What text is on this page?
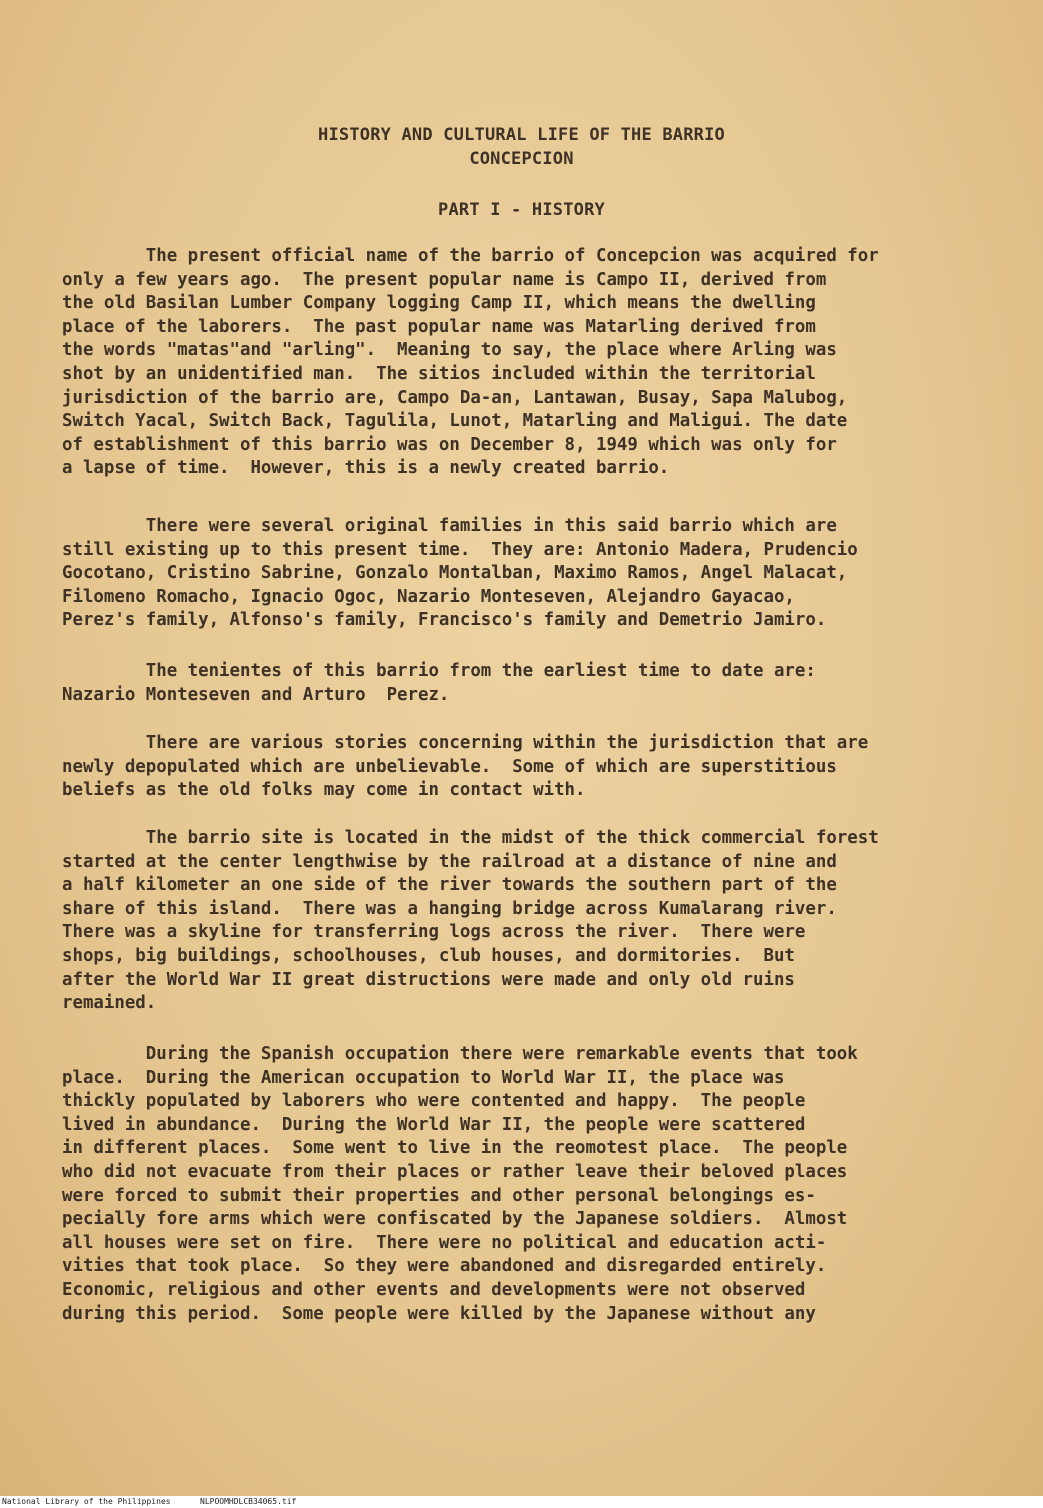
HISTORY AND CULTURAL LIFE OF THE BARRIO
CONCEPCION
PART I - HISTORY
The present official name of the barrio of Concepcion was acquired for
only a few years ago.  The present popular name is Campo II, derived from
the old Basilan Lumber Company logging Camp II, which means the dwelling
place of the laborers.  The past popular name was Matarling derived from
the words "matas"and "arling".  Meaning to say, the place where Arling was
shot by an unidentified man.  The sitios included within the territorial
jurisdiction of the barrio are, Campo Da-an, Lantawan, Busay, Sapa Malubog,
Switch Yacal, Switch Back, Tagulila, Lunot, Matarling and Maligui. The date
of establishment of this barrio was on December 8, 1949 which was only for
a lapse of time.  However, this is a newly created barrio.
There were several original families in this said barrio which are
still existing up to this present time.  They are: Antonio Madera, Prudencio
Gocotano, Cristino Sabrine, Gonzalo Montalban, Maximo Ramos, Angel Malacat,
Filomeno Romacho, Ignacio Ogoc, Nazario Monteseven, Alejandro Gayacao,
Perez's family, Alfonso's family, Francisco's family and Demetrio Jamiro.
The tenientes of this barrio from the earliest time to date are:
Nazario Monteseven and Arturo  Perez.
There are various stories concerning within the jurisdiction that are
newly depopulated which are unbelievable.  Some of which are superstitious
beliefs as the old folks may come in contact with.
The barrio site is located in the midst of the thick commercial forest
started at the center lengthwise by the railroad at a distance of nine and
a half kilometer an one side of the river towards the southern part of the
share of this island.  There was a hanging bridge across Kumalarang river.
There was a skyline for transferring logs across the river.  There were
shops, big buildings, schoolhouses, club houses, and dormitories.  But
after the World War II great distructions were made and only old ruins
remained.
During the Spanish occupation there were remarkable events that took
place.  During the American occupation to World War II, the place was
thickly populated by laborers who were contented and happy.  The people
lived in abundance.  During the World War II, the people were scattered
in different places.  Some went to live in the reomotest place.  The people
who did not evacuate from their places or rather leave their beloved places
were forced to submit their properties and other personal belongings es-
pecially fore arms which were confiscated by the Japanese soldiers.  Almost
all houses were set on fire.  There were no political and education acti-
vities that took place.  So they were abandoned and disregarded entirely.
Economic, religious and other events and developments were not observed
during this period.  Some people were killed by the Japanese without any
National Library of the Philippines	NLPOOMHDLCB34065.tif
